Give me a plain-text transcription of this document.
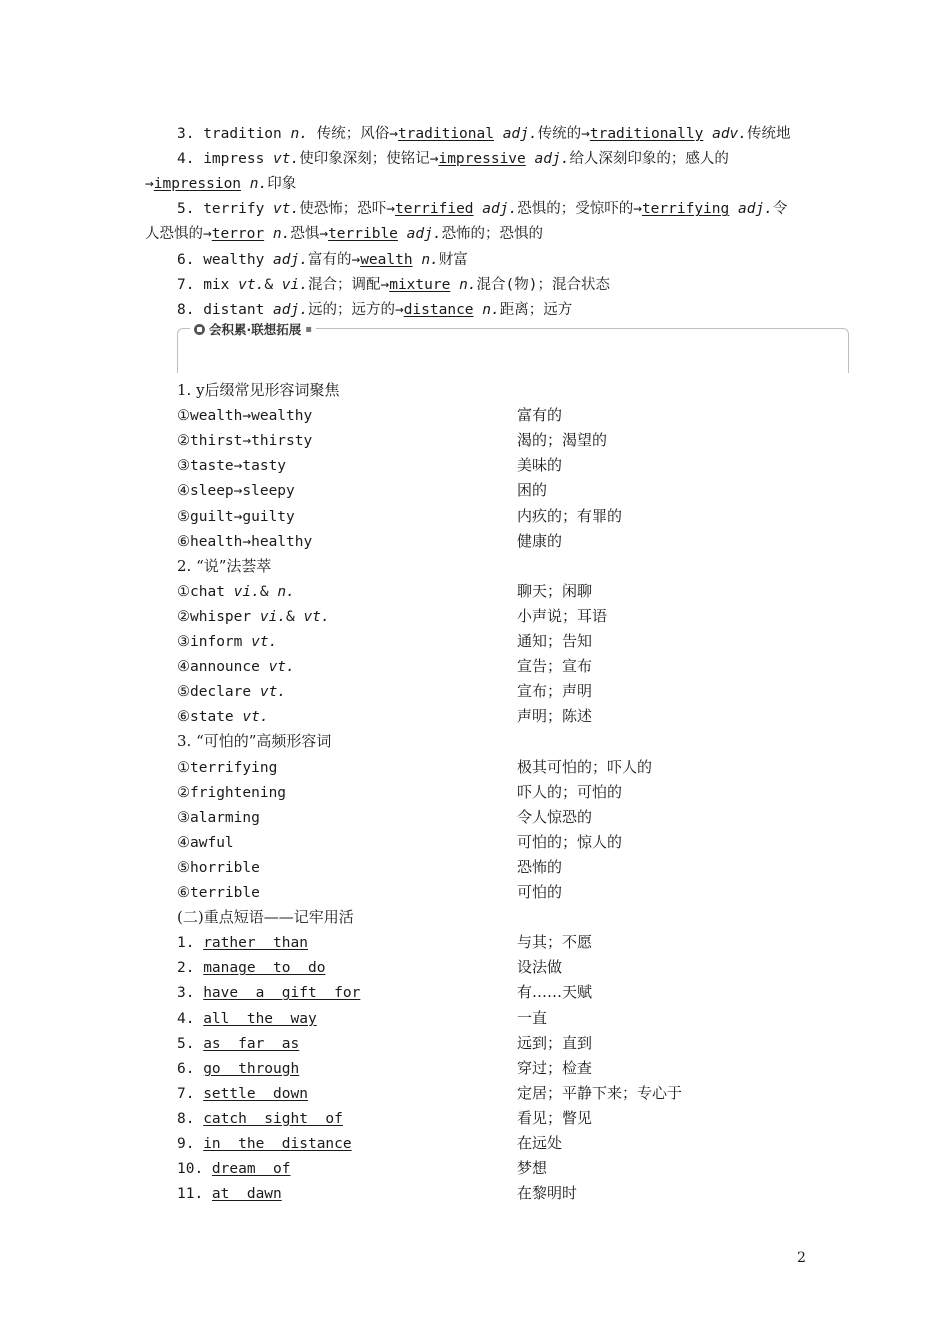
3. tradition n. 传统；风俗→traditional adj.传统的→traditionally adv.传统地
4. impress vt.使印象深刻；使铭记→impressive adj.给人深刻印象的；感人的
→impression n.印象
5. terrify vt.使恐怖；恐吓→terrified adj.恐惧的；受惊吓的→terrifying adj.令
人恐惧的→terror n.恐惧→terrible adj.恐怖的；恐惧的
6. wealthy adj.富有的→wealth n.财富
7. mix vt.& vi.混合；调配→mixture n.混合(物)；混合状态
8. distant adj.远的；远方的→distance n.距离；远方
会积累·联想拓展 ▪
1. y后缀常见形容词聚焦
①wealth→wealthy	富有的
②thirst→thirsty	渴的；渴望的
③taste→tasty	美味的
④sleep→sleepy	困的
⑤guilt→guilty	内疚的；有罪的
⑥health→healthy	健康的
2. “说”法荟萃
①chat vi.& n.	聊天；闲聊
②whisper vi.& vt.	小声说；耳语
③inform vt.	通知；告知
④announce vt.	宣告；宣布
⑤declare vt.	宣布；声明
⑥state vt.	声明；陈述
3. “可怕的”高频形容词
①terrifying	极其可怕的；吓人的
②frightening	吓人的；可怕的
③alarming	令人惊恐的
④awful	可怕的；惊人的
⑤horrible	恐怖的
⑥terrible	可怕的
(二)重点短语——记牢用活
1. rather  than	与其；不愿
2. manage  to  do	设法做
3. have  a  gift  for	有……天赋
4. all  the  way	一直
5. as  far  as	远到；直到
6. go  through	穿过；检查
7. settle  down	定居；平静下来；专心于
8. catch  sight  of	看见；瞥见
9. in  the  distance	在远处
10. dream  of	梦想
11. at  dawn	在黎明时
2
